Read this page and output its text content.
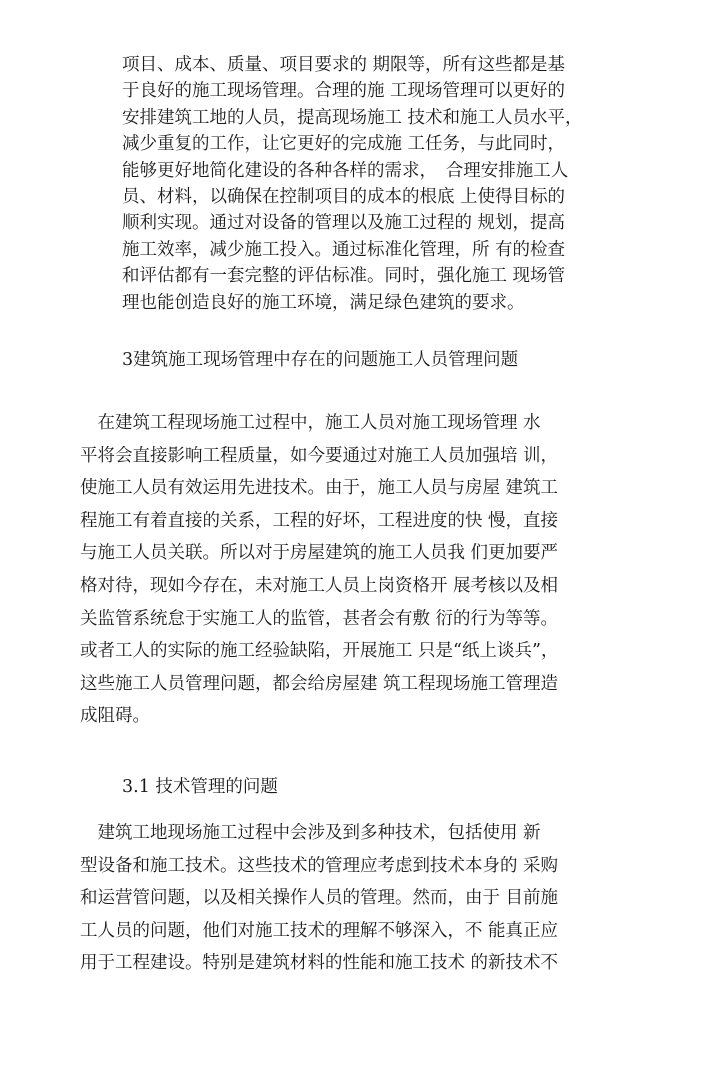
项目、成本、质量、项目要求的 期限等，所有这些都是基
于良好的施工现场管理。合理的施 工现场管理可以更好的
安排建筑工地的人员，提高现场施工 技术和施工人员水平，
减少重复的工作，让它更好的完成施 工任务，与此同时，
能够更好地简化建设的各种各样的需求，　合理安排施工人
员、材料，以确保在控制项目的成本的根底 上使得目标的
顺利实现。通过对设备的管理以及施工过程的 规划，提高
施工效率，减少施工投入。通过标准化管理，所 有的检查
和评估都有一套完整的评估标准。同时，强化施工 现场管
理也能创造良好的施工环境，满足绿色建筑的要求。
3建筑施工现场管理中存在的问题施工人员管理问题
　在建筑工程现场施工过程中，施工人员对施工现场管理 水
平将会直接影响工程质量，如今要通过对施工人员加强培 训，
使施工人员有效运用先进技术。由于，施工人员与房屋 建筑工
程施工有着直接的关系，工程的好坏，工程进度的快 慢，直接
与施工人员关联。所以对于房屋建筑的施工人员我 们更加要严
格对待，现如今存在，未对施工人员上岗资格开 展考核以及相
关监管系统怠于实施工人的监管，甚者会有敷 衍的行为等等。
或者工人的实际的施工经验缺陷，开展施工 只是“纸上谈兵”，
这些施工人员管理问题，都会给房屋建 筑工程现场施工管理造
成阻碍。
3.1 技术管理的问题
　建筑工地现场施工过程中会涉及到多种技术，包括使用 新
型设备和施工技术。这些技术的管理应考虑到技术本身的 采购
和运营管问题，以及相关操作人员的管理。然而，由于 目前施
工人员的问题，他们对施工技术的理解不够深入，不 能真正应
用于工程建设。特别是建筑材料的性能和施工技术 的新技术不
